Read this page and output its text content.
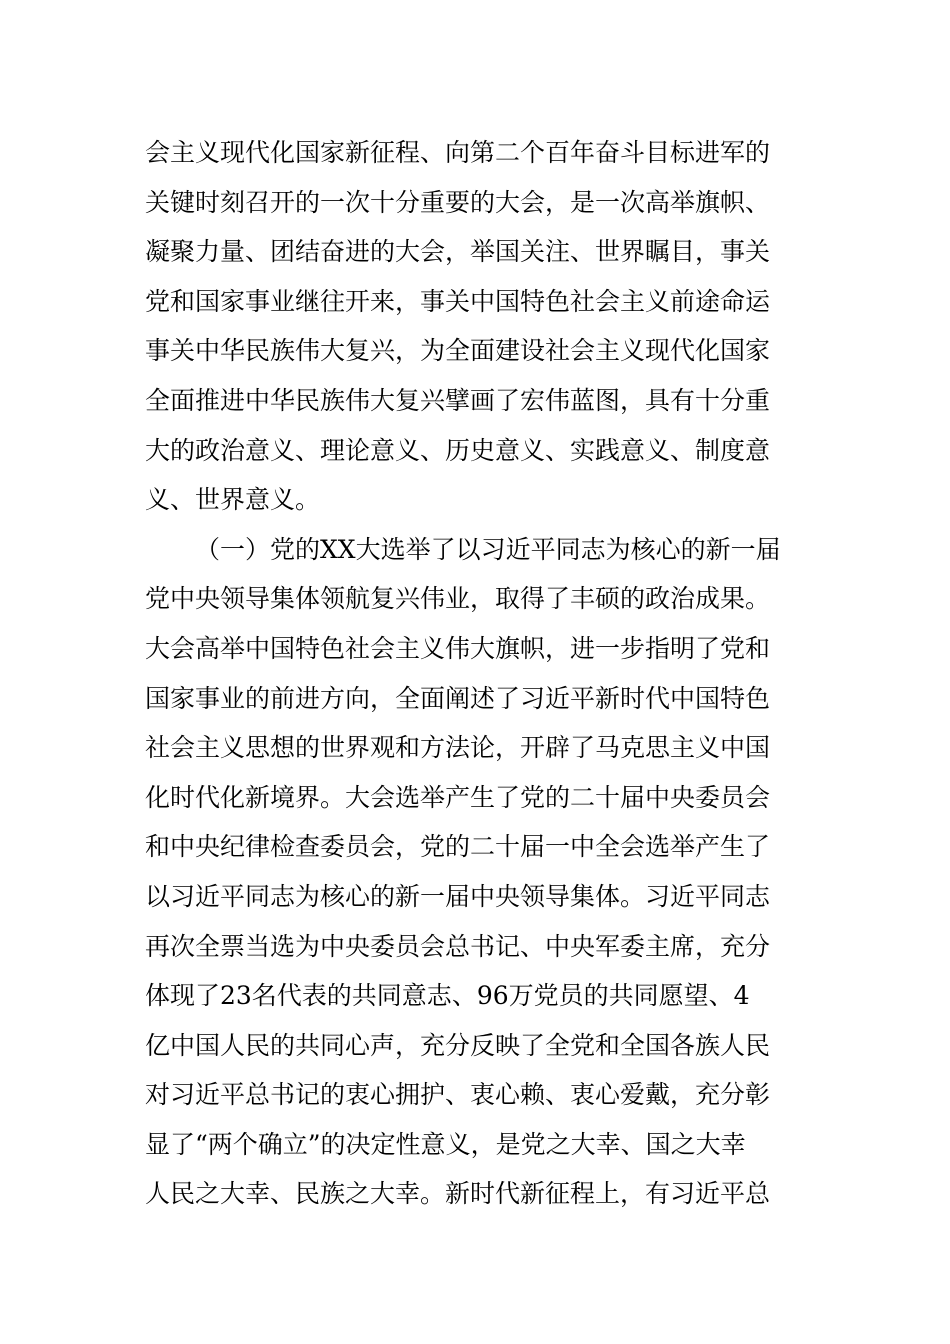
会主义现代化国家新征程、向第二个百年奋斗目标进军的
关键时刻召开的一次十分重要的大会，是一次高举旗帜、
凝聚力量、团结奋进的大会，举国关注、世界瞩目，事关
党和国家事业继往开来，事关中国特色社会主义前途命运
事关中华民族伟大复兴，为全面建设社会主义现代化国家
全面推进中华民族伟大复兴擘画了宏伟蓝图，具有十分重
大的政治意义、理论意义、历史意义、实践意义、制度意
义、世界意义。
（一）党的XX大选举了以习近平同志为核心的新一届
党中央领导集体领航复兴伟业，取得了丰硕的政治成果。
大会高举中国特色社会主义伟大旗帜，进一步指明了党和
国家事业的前进方向，全面阐述了习近平新时代中国特色
社会主义思想的世界观和方法论，开辟了马克思主义中国
化时代化新境界。大会选举产生了党的二十届中央委员会
和中央纪律检查委员会，党的二十届一中全会选举产生了
以习近平同志为核心的新一届中央领导集体。习近平同志
再次全票当选为中央委员会总书记、中央军委主席，充分
体现了23名代表的共同意志、96万党员的共同愿望、4
亿中国人民的共同心声，充分反映了全党和全国各族人民
对习近平总书记的衷心拥护、衷心赖、衷心爱戴，充分彰
显了“两个确立”的决定性意义，是党之大幸、国之大幸
人民之大幸、民族之大幸。新时代新征程上，有习近平总
